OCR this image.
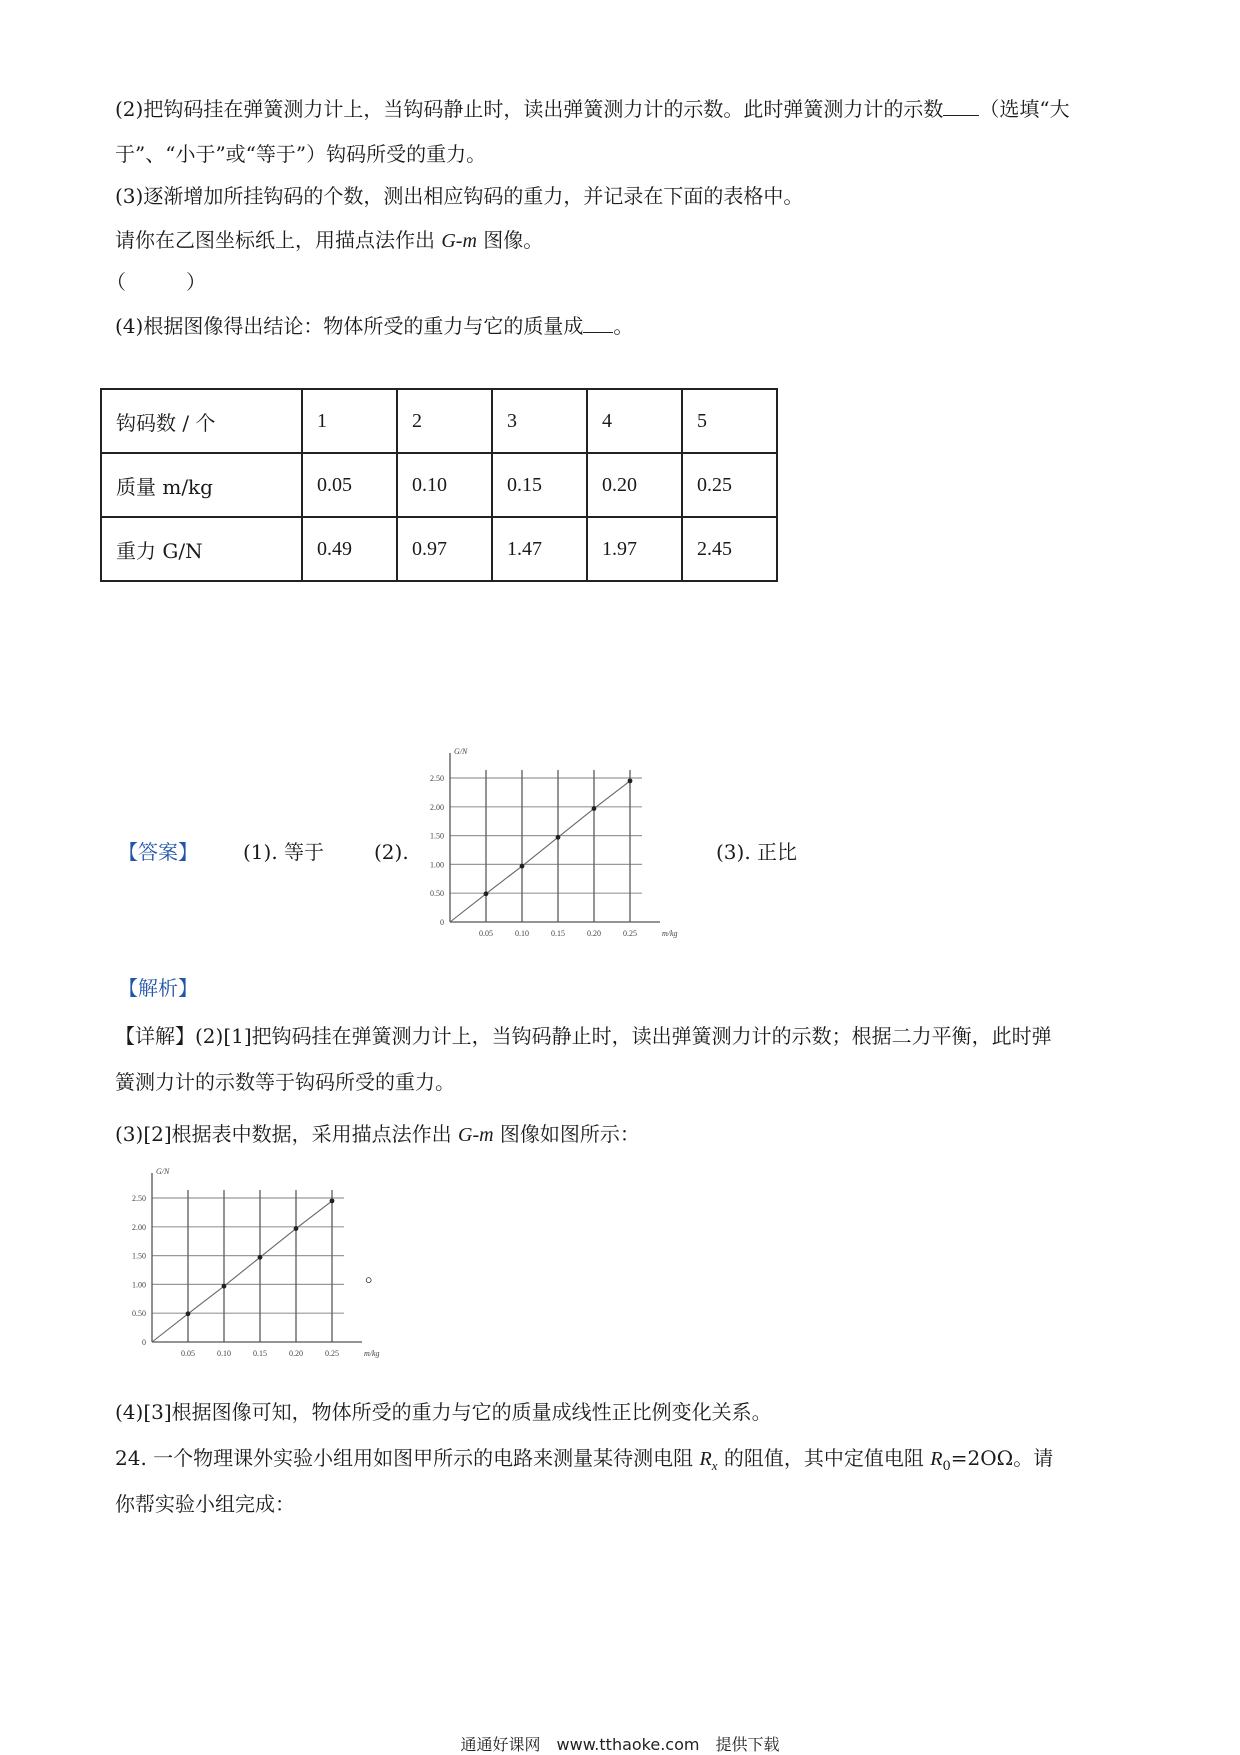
(2)把钩码挂在弹簧测力计上，当钩码静止时，读出弹簧测力计的示数。此时弹簧测力计的示数 （选填“大
于”、“小于”或“等于”）钩码所受的重力。
(3)逐渐增加所挂钩码的个数，测出相应钩码的重力，并记录在下面的表格中。
请你在乙图坐标纸上，用描点法作出 G-m 图像。
（　　　）
(4)根据图像得出结论：物体所受的重力与它的质量成 。
钩码数 / 个	1	2	3	4	5
质量 m/kg	0.05	0.10	0.15	0.20	0.25
重力 G/N	0.49	0.97	1.47	1.97	2.45
【答案】 (1). 等于 (2).	(3). 正比
0
0.50
1.00
1.50
2.00
2.50
0.05	0.10	0.15	0.20	0.25	m/kg
G/N
【解析】
【详解】(2)[1]把钩码挂在弹簧测力计上，当钩码静止时，读出弹簧测力计的示数；根据二力平衡，此时弹
簧测力计的示数等于钩码所受的重力。
(3)[2]根据表中数据，采用描点法作出 G-m 图像如图所示：
0
0.50
1.00
1.50
2.00
2.50
0.05	0.10	0.15	0.20	0.25	m/kg
G/N
。
(4)[3]根据图像可知，物体所受的重力与它的质量成线性正比例变化关系。
24. 一个物理课外实验小组用如图甲所示的电路来测量某待测电阻 $R_x$ 的阻值，其中定值电阻 $R_0=2O\Omega$。请
你帮实验小组完成：
通通好课网　www.tthaoke.com　提供下载
